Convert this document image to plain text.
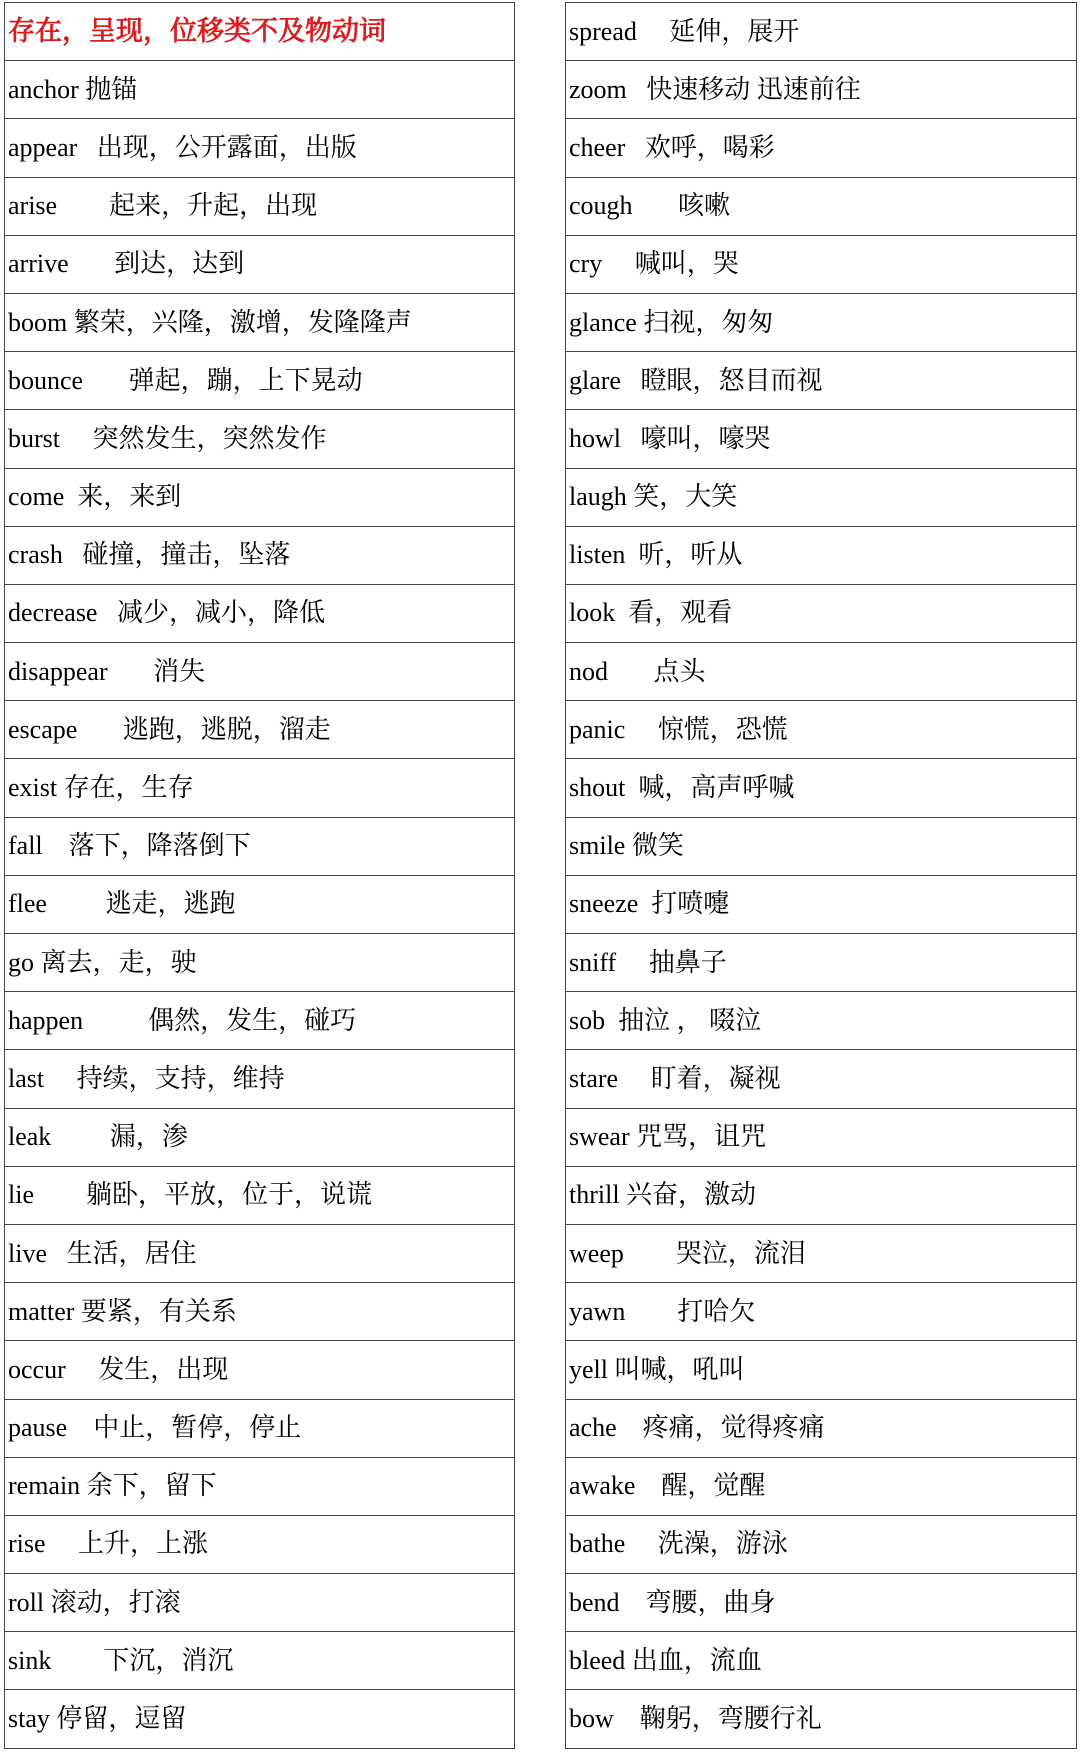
存在，呈现，位移类不及物动词
anchor 抛锚
appear   出现，公开露面，出版
arise        起来，升起，出现
arrive       到达，达到
boom 繁荣，兴隆，激增，发隆隆声
bounce       弹起，蹦，上下晃动
burst     突然发生，突然发作
come  来，来到
crash   碰撞，撞击，坠落
decrease   减少，减小，降低
disappear       消失
escape       逃跑，逃脱，溜走
exist 存在，生存
fall    落下，降落倒下
flee         逃走，逃跑
go 离去，走，驶
happen          偶然，发生，碰巧
last     持续，支持，维持
leak         漏，渗
lie        躺卧，平放，位于，说谎
live   生活，居住
matter 要紧，有关系
occur     发生，出现
pause    中止，暂停，停止
remain 余下，留下
rise     上升，上涨
roll 滚动，打滚
sink        下沉，消沉
stay 停留，逗留
spread     延伸，展开
zoom   快速移动 迅速前往
cheer   欢呼，喝彩
cough       咳嗽
cry     喊叫，哭
glance 扫视，匆匆
glare   瞪眼，怒目而视
howl   嚎叫，嚎哭
laugh 笑，大笑
listen  听，听从
look  看，观看
nod       点头
panic     惊慌，恐慌
shout  喊，高声呼喊
smile 微笑
sneeze  打喷嚏
sniff     抽鼻子
sob  抽泣 ， 啜泣
stare     盯着，凝视
swear 咒骂，诅咒
thrill 兴奋，激动
weep        哭泣，流泪
yawn        打哈欠
yell 叫喊，吼叫
ache    疼痛，觉得疼痛
awake    醒，觉醒
bathe     洗澡，游泳
bend    弯腰，曲身
bleed 出血，流血
bow    鞠躬，弯腰行礼
